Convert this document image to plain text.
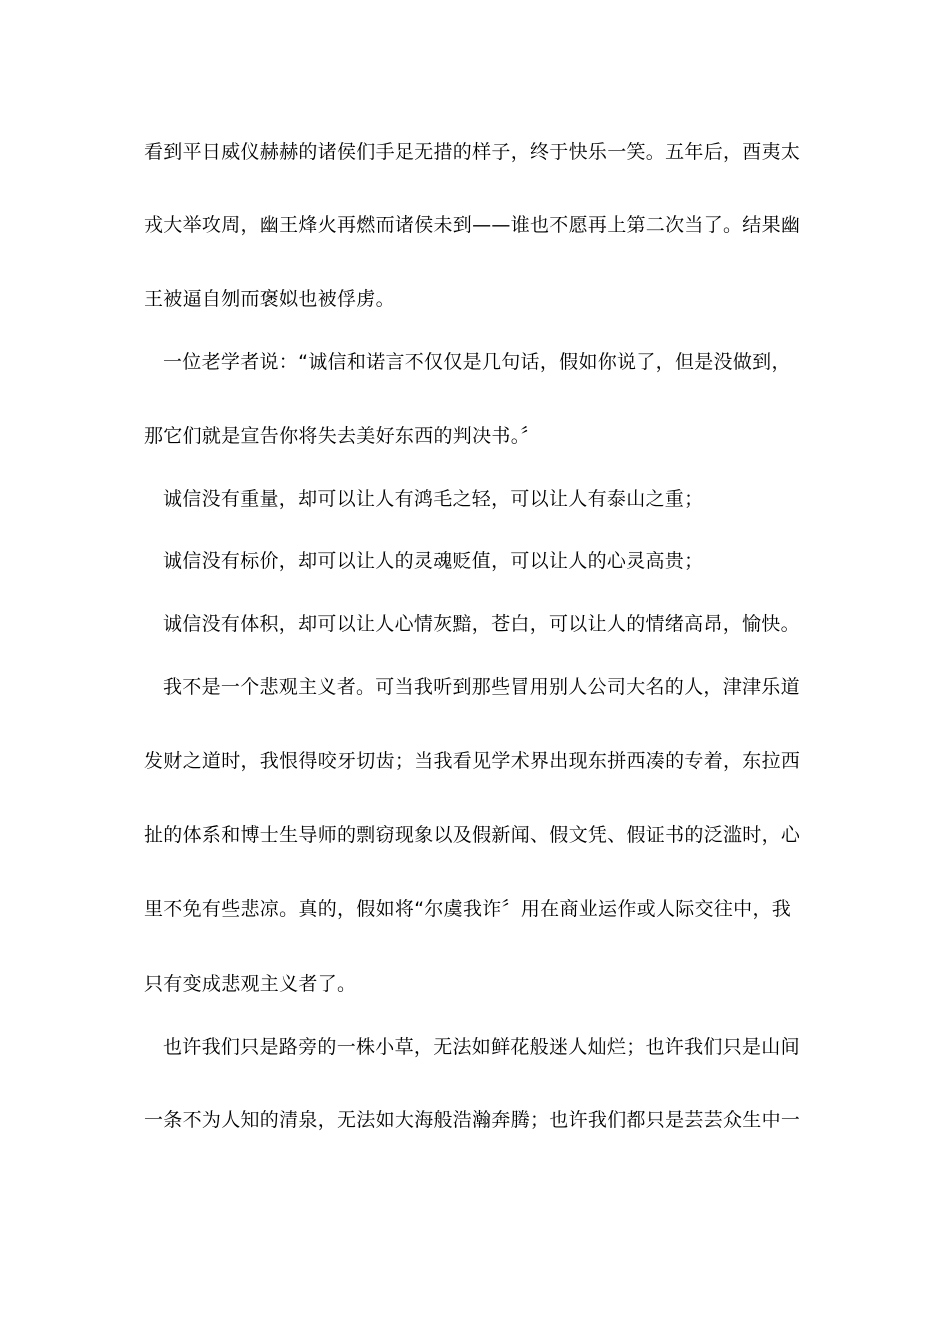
看到平日威仪赫赫的诸侯们手足无措的样子，终于快乐一笑。五年后，酉夷太
戎大举攻周，幽王烽火再燃而诸侯未到——谁也不愿再上第二次当了。结果幽
王被逼自刎而褒姒也被俘虏。
一位老学者说：“诚信和诺言不仅仅是几句话，假如你说了，但是没做到，
那它们就是宣告你将失去美好东西的判决书。〞
诚信没有重量，却可以让人有鸿毛之轻，可以让人有泰山之重；
诚信没有标价，却可以让人的灵魂贬值，可以让人的心灵高贵；
诚信没有体积，却可以让人心情灰黯，苍白，可以让人的情绪高昂，愉快。
我不是一个悲观主义者。可当我听到那些冒用别人公司大名的人，津津乐道
发财之道时，我恨得咬牙切齿；当我看见学术界出现东拼西凑的专着，东拉西
扯的体系和博士生导师的剽窃现象以及假新闻、假文凭、假证书的泛滥时，心
里不免有些悲凉。真的，假如将“尔虞我诈〞用在商业运作或人际交往中，我
只有变成悲观主义者了。
也许我们只是路旁的一株小草，无法如鲜花般迷人灿烂；也许我们只是山间
一条不为人知的清泉，无法如大海般浩瀚奔腾；也许我们都只是芸芸众生中一
